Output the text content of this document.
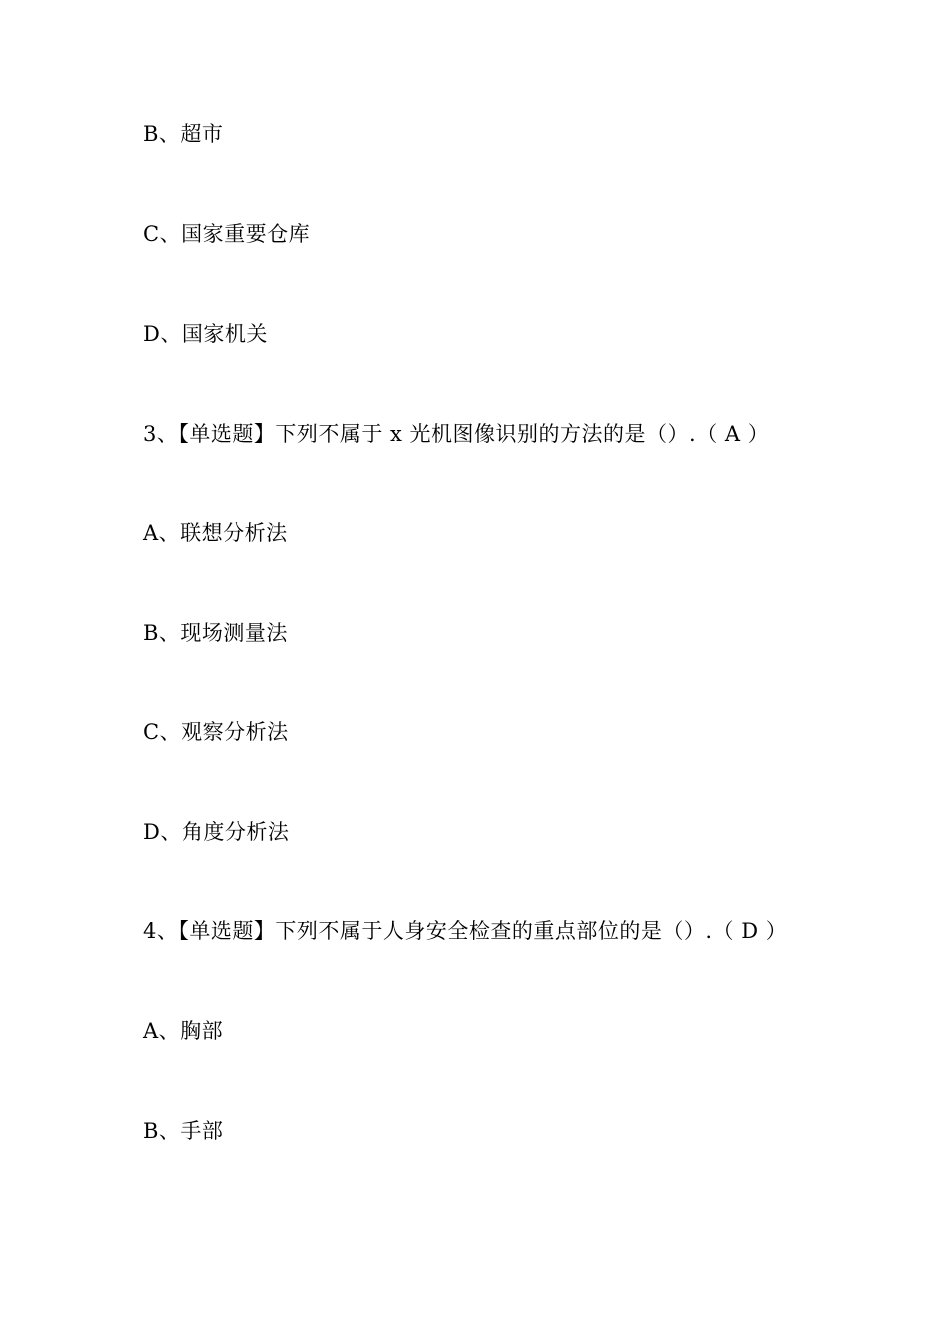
B、超市
C、国家重要仓库
D、国家机关
3、【单选题】下列不属于 x 光机图像识别的方法的是（）.（ A ）
A、联想分析法
B、现场测量法
C、观察分析法
D、角度分析法
4、【单选题】下列不属于人身安全检查的重点部位的是（）.（ D ）
A、胸部
B、手部
